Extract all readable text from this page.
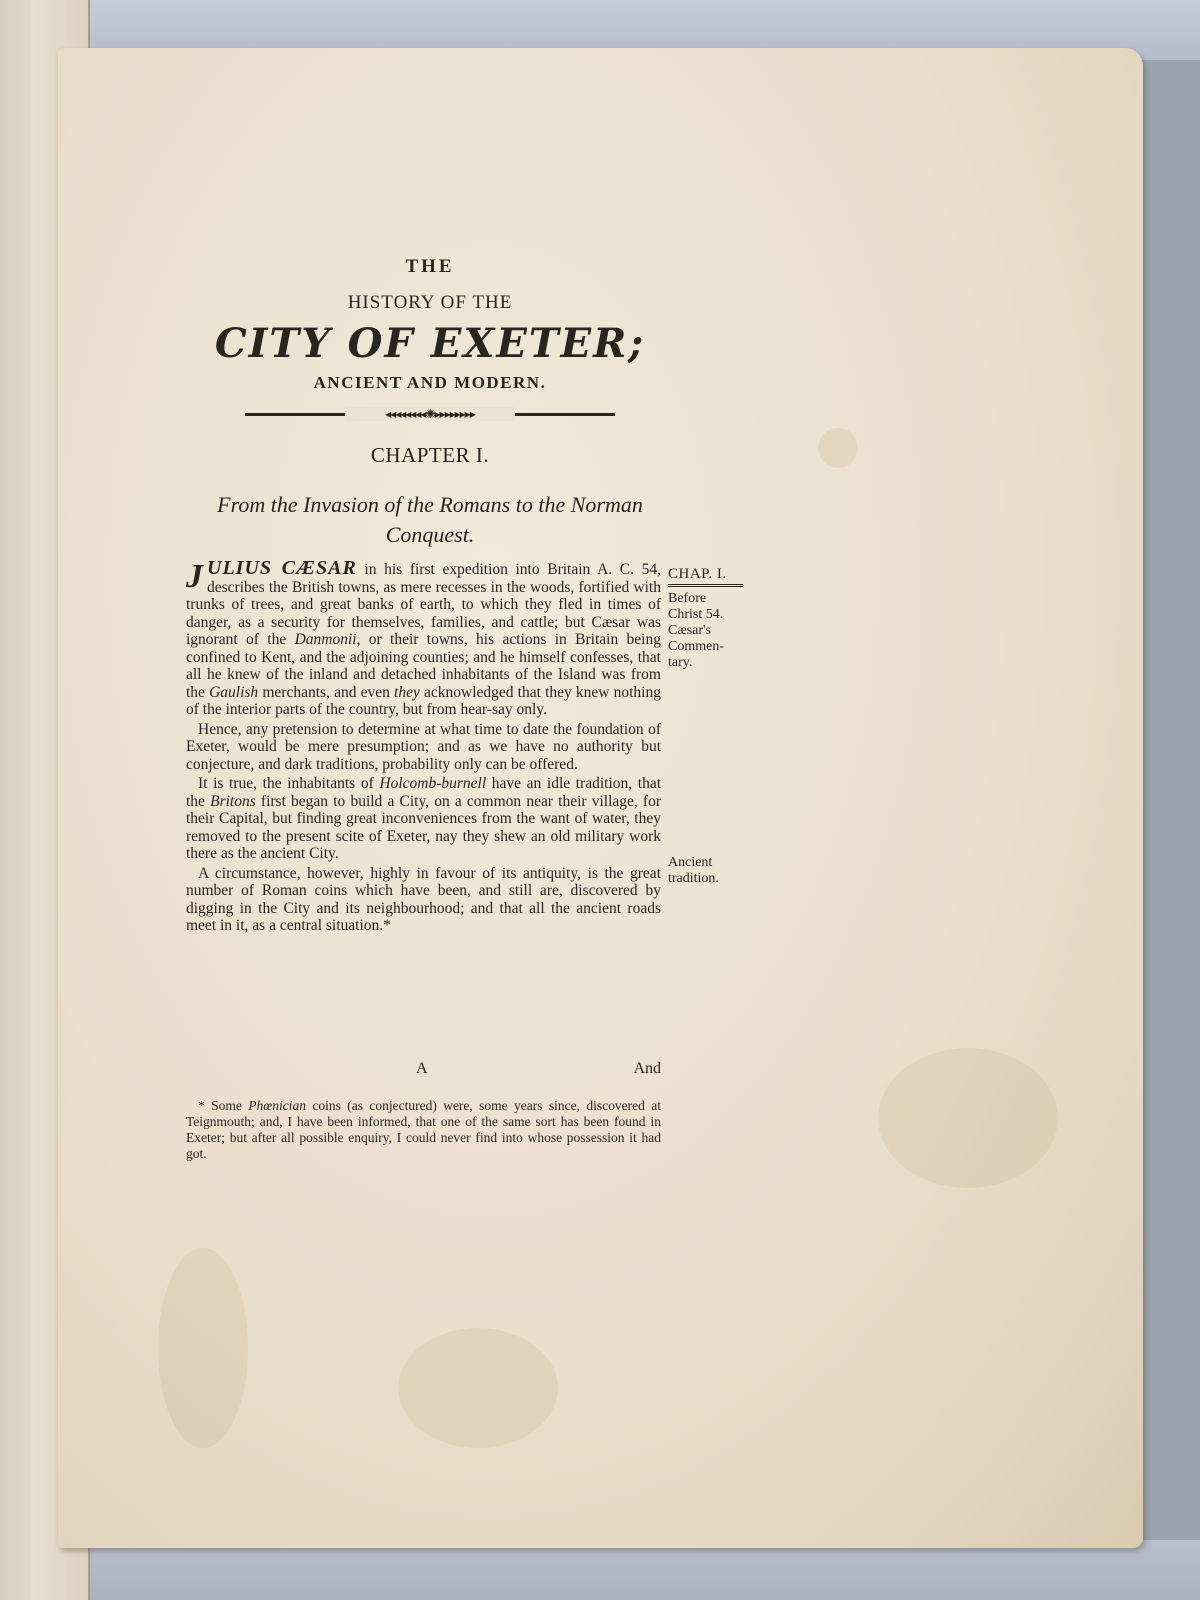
THE
HISTORY OF THE
CITY OF EXETER;
ANCIENT AND MODERN.
◂◂◂◂◂◂◂◂✺▸▸▸▸▸▸▸▸
CHAPTER I.
From the Invasion of the Romans to the Norman Conquest.

JULIUS CÆSAR in his first expedition into Britain A. C. 54, describes the British towns, as mere recesses in the woods, fortified with trunks of trees, and great banks of earth, to which they fled in times of danger, as a security for themselves, families, and cattle; but Cæsar was ignorant of the Danmonii, or their towns, his actions in Britain being confined to Kent, and the adjoining counties; and he himself confesses, that all he knew of the inland and detached inhabitants of the Island was from the Gaulish merchants, and even they acknowledged that they knew nothing of the interior parts of the country, but from hear-say only.

Hence, any pretension to determine at what time to date the foundation of Exeter, would be mere presumption; and as we have no authority but conjecture, and dark traditions, probability only can be offered.

It is true, the inhabitants of Holcomb-burnell have an idle tradition, that the Britons first began to build a City, on a common near their village, for their Capital, but finding great inconveniences from the want of water, they removed to the present scite of Exeter, nay they shew an old military work there as the ancient City.

A circumstance, however, highly in favour of its antiquity, is the great number of Roman coins which have been, and still are, discovered by digging in the City and its neighbourhood; and that all the ancient roads meet in it, as a central situation.*

A	And
* Some Phœnician coins (as conjectured) were, some years since, discovered at Teignmouth; and, I have been informed, that one of the same sort has been found in Exeter; but after all possible enquiry, I could never find into whose possession it had got.
CHAP. I.
Before
Christ 54.
Cæsar's
Commen-
tary.
Ancient
tradition.
